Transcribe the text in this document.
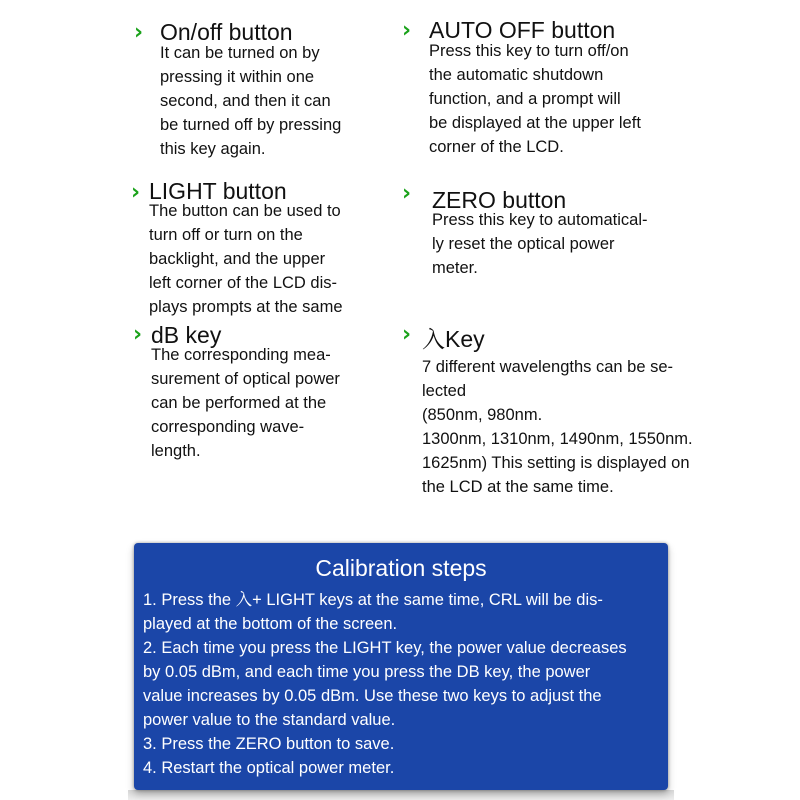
› On/off button
It can be turned on by
pressing it within one
second, and then it can
be turned off by pressing
this key again.
› AUTO OFF button
Press this key to turn off/on
the automatic shutdown
function, and a prompt will
be displayed at the upper left
corner of the LCD.
› LIGHT button
The button can be used to
turn off or turn on the
backlight, and the upper
left corner of the LCD dis-
plays prompts at the same
› ZERO button
Press this key to automatical-
ly reset the optical power
meter.
› dB key
The corresponding mea-
surement of optical power
can be performed at the
corresponding wave-
length.
› 入Key
7 different wavelengths can be se-
lected
(850nm, 980nm.
1300nm, 1310nm, 1490nm, 1550nm.
1625nm) This setting is displayed on
the LCD at the same time.
Calibration steps
1. Press the 入+ LIGHT keys at the same time, CRL will be dis-
played at the bottom of the screen.
2. Each time you press the LIGHT key, the power value decreases
by 0.05 dBm, and each time you press the DB key, the power
value increases by 0.05 dBm. Use these two keys to adjust the
power value to the standard value.
3. Press the ZERO button to save.
4. Restart the optical power meter.
